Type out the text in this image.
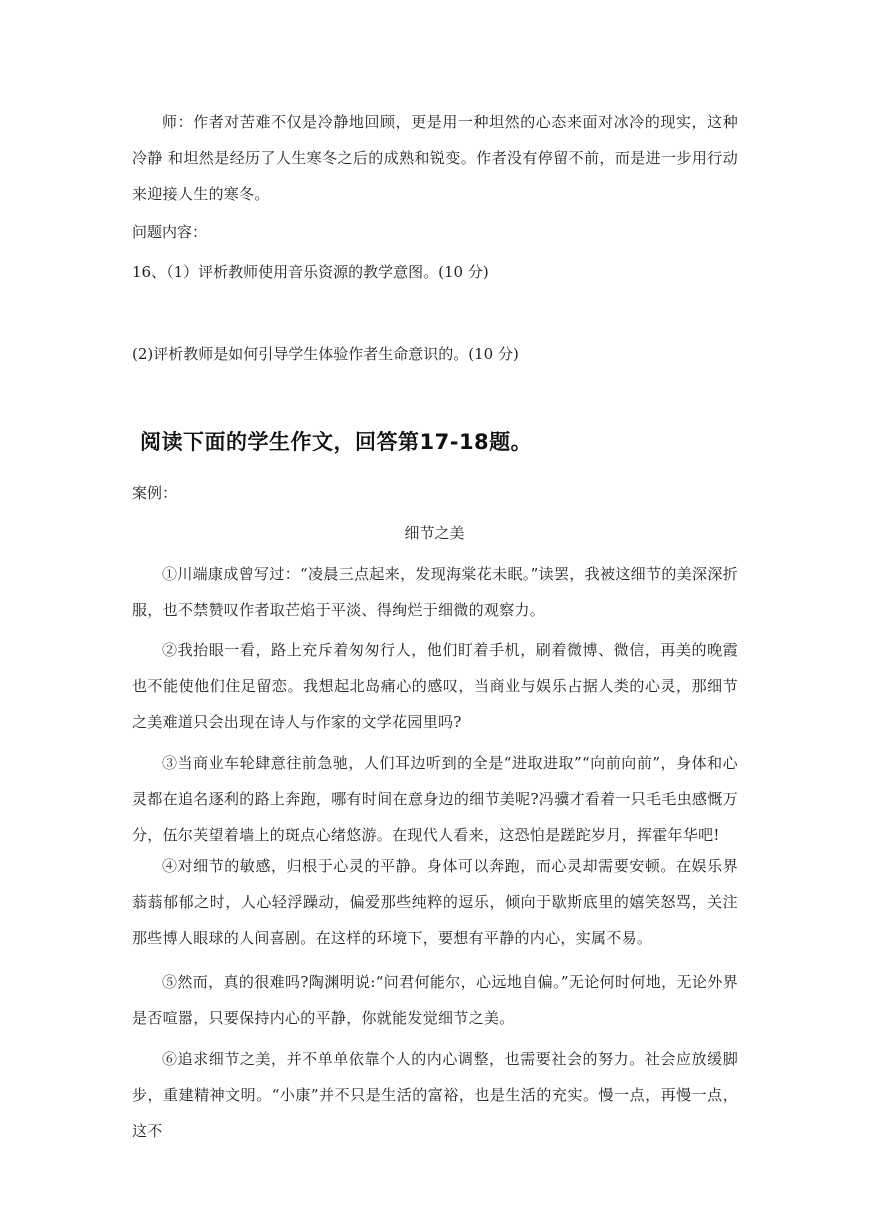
师：作者对苦难不仅是冷静地回顾，更是用一种坦然的心态来面对冰冷的现实，这种冷静 和坦然是经历了人生寒冬之后的成熟和锐变。作者没有停留不前，而是进一步用行动来迎接人生的寒冬。

问题内容：

16、（1）评析教师使用音乐资源的教学意图。(10 分)

(2)评析教师是如何引导学生体验作者生命意识的。(10 分)

阅读下面的学生作文，回答第17-18题。

案例：

细节之美

①川端康成曾写过：“凌晨三点起来，发现海棠花未眠。”读罢，我被这细节的美深深折服，也不禁赞叹作者取芒焰于平淡、得绚烂于细微的观察力。

②我抬眼一看，路上充斥着匆匆行人，他们盯着手机，刷着微博、微信，再美的晚霞也不能使他们住足留恋。我想起北岛痛心的感叹，当商业与娱乐占据人类的心灵，那细节之美难道只会出现在诗人与作家的文学花园里吗?

③当商业车轮肆意往前急驰，人们耳边听到的全是“进取进取”“向前向前”，身体和心灵都在追名逐利的路上奔跑，哪有时间在意身边的细节美呢?冯骥才看着一只毛毛虫感慨万分，伍尔芙望着墙上的斑点心绪悠游。在现代人看来，这恐怕是蹉跎岁月，挥霍年华吧!

④对细节的敏感，归根于心灵的平静。身体可以奔跑，而心灵却需要安顿。在娱乐界蓊蓊郁郁之时，人心轻浮躁动，偏爱那些纯粹的逗乐，倾向于歇斯底里的嬉笑怒骂，关注那些博人眼球的人间喜剧。在这样的环境下，要想有平静的内心，实属不易。

⑤然而，真的很难吗?陶渊明说:“问君何能尔，心远地自偏。”无论何时何地，无论外界是否喧嚣，只要保持内心的平静，你就能发觉细节之美。

⑥追求细节之美，并不单单依靠个人的内心调整，也需要社会的努力。社会应放缓脚步，重建精神文明。“小康”并不只是生活的富裕，也是生活的充实。慢一点，再慢一点，这不
